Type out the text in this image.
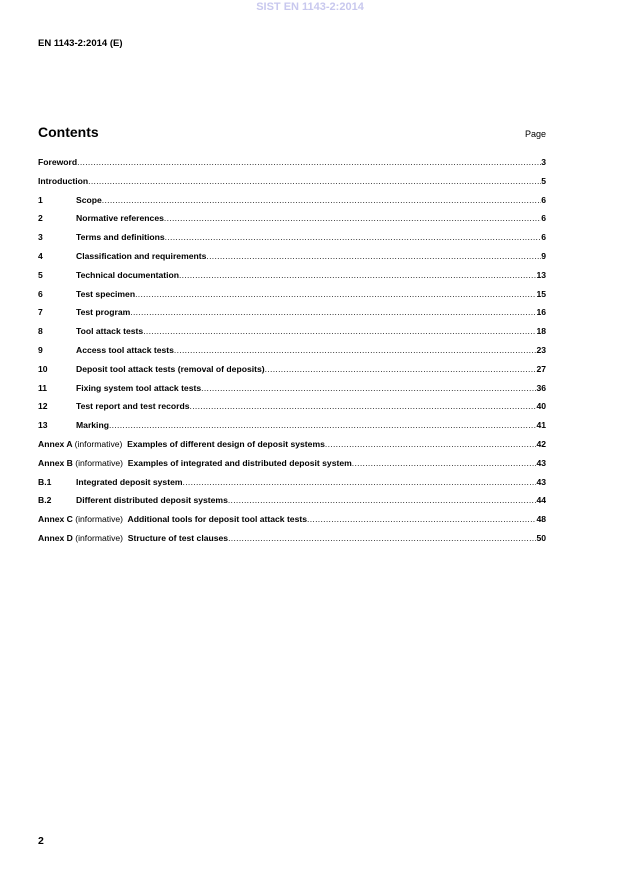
SIST EN 1143-2:2014
EN 1143-2:2014 (E)
Contents	Page
Foreword .....	3
Introduction .....	5
1	Scope .....	6
2	Normative references .....	6
3	Terms and definitions .....	6
4	Classification and requirements .....	9
5	Technical documentation .....	13
6	Test specimen .....	15
7	Test program .....	16
8	Tool attack tests .....	18
9	Access tool attack tests .....	23
10	Deposit tool attack tests (removal of deposits) .....	27
11	Fixing system tool attack tests .....	36
12	Test report and test records .....	40
13	Marking .....	41
Annex A (informative) Examples of different design of deposit systems .....	42
Annex B (informative) Examples of integrated and distributed deposit system .....	43
B.1	Integrated deposit system .....	43
B.2	Different distributed deposit systems .....	44
Annex C (informative) Additional tools for deposit tool attack tests .....	48
Annex D (informative) Structure of test clauses .....	50
2
